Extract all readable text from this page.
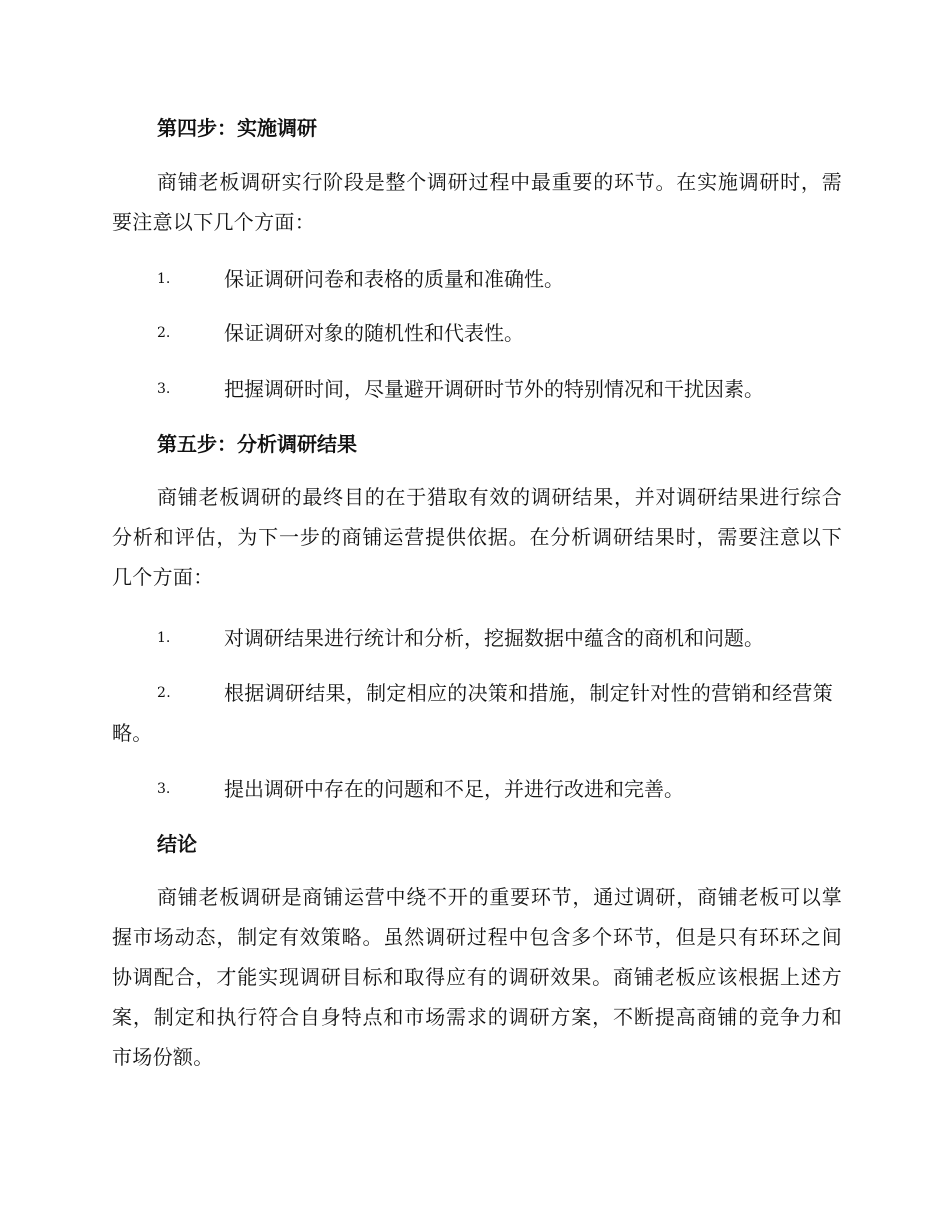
第四步：实施调研
商铺老板调研实行阶段是整个调研过程中最重要的环节。在实施调研时，需要注意以下几个方面：
1.	保证调研问卷和表格的质量和准确性。
2.	保证调研对象的随机性和代表性。
3.	把握调研时间，尽量避开调研时节外的特别情况和干扰因素。
第五步：分析调研结果
商铺老板调研的最终目的在于猎取有效的调研结果，并对调研结果进行综合分析和评估，为下一步的商铺运营提供依据。在分析调研结果时，需要注意以下几个方面：
1.	对调研结果进行统计和分析，挖掘数据中蕴含的商机和问题。
2.	根据调研结果，制定相应的决策和措施，制定针对性的营销和经营策略。
3.	提出调研中存在的问题和不足，并进行改进和完善。
结论
商铺老板调研是商铺运营中绕不开的重要环节，通过调研，商铺老板可以掌握市场动态，制定有效策略。虽然调研过程中包含多个环节，但是只有环环之间协调配合，才能实现调研目标和取得应有的调研效果。商铺老板应该根据上述方案，制定和执行符合自身特点和市场需求的调研方案，不断提高商铺的竞争力和市场份额。
